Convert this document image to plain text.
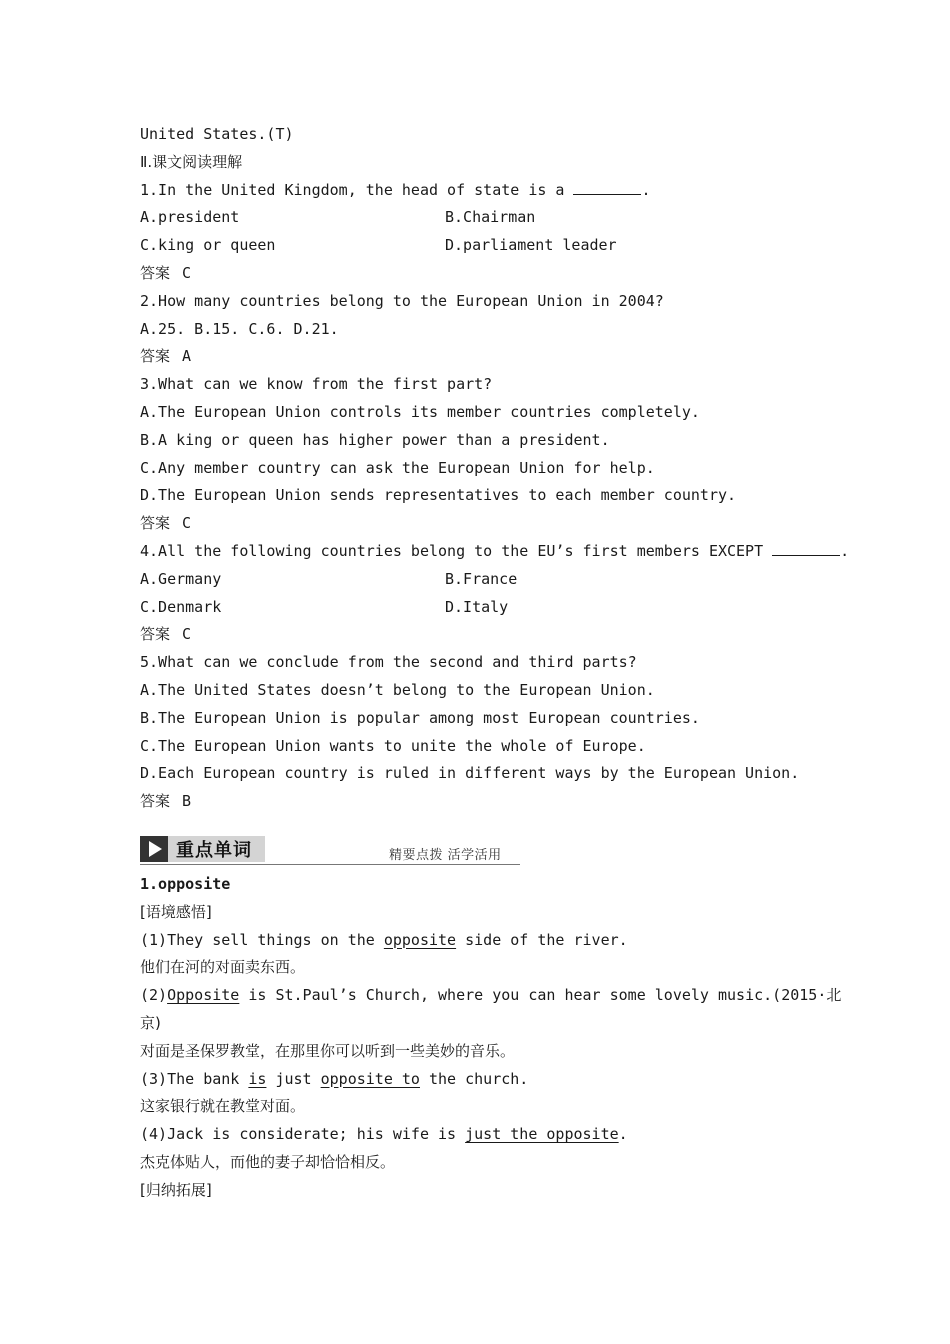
United States.(T)
Ⅱ.课文阅读理解
1.In the United Kingdom, the head of state is a	.
A.president	B.Chairman
C.king or queen	D.parliament leader
答案 C
2.How many countries belong to the European Union in 2004?
A.25. B.15. C.6. D.21.
答案 A
3.What can we know from the first part?
A.The European Union controls its member countries completely.
B.A king or queen has higher power than a president.
C.Any member country can ask the European Union for help.
D.The European Union sends representatives to each member country.
答案 C
4.All the following countries belong to the EU’s first members EXCEPT	.
A.Germany	B.France
C.Denmark	D.Italy
答案 C
5.What can we conclude from the second and third parts?
A.The United States doesn’t belong to the European Union.
B.The European Union is popular among most European countries.
C.The European Union wants to unite the whole of Europe.
D.Each European country is ruled in different ways by the European Union.
答案 B
重点单词	精要点拨 活学活用
1.opposite
[语境感悟]
(1)They sell things on the opposite side of the river.
他们在河的对面卖东西。
(2)Opposite is St.Paul’s Church, where you can hear some lovely music.(2015·北
京)
对面是圣保罗教堂，在那里你可以听到一些美妙的音乐。
(3)The bank is just opposite to the church.
这家银行就在教堂对面。
(4)Jack is considerate; his wife is just the opposite.
杰克体贴人，而他的妻子却恰恰相反。
[归纳拓展]
